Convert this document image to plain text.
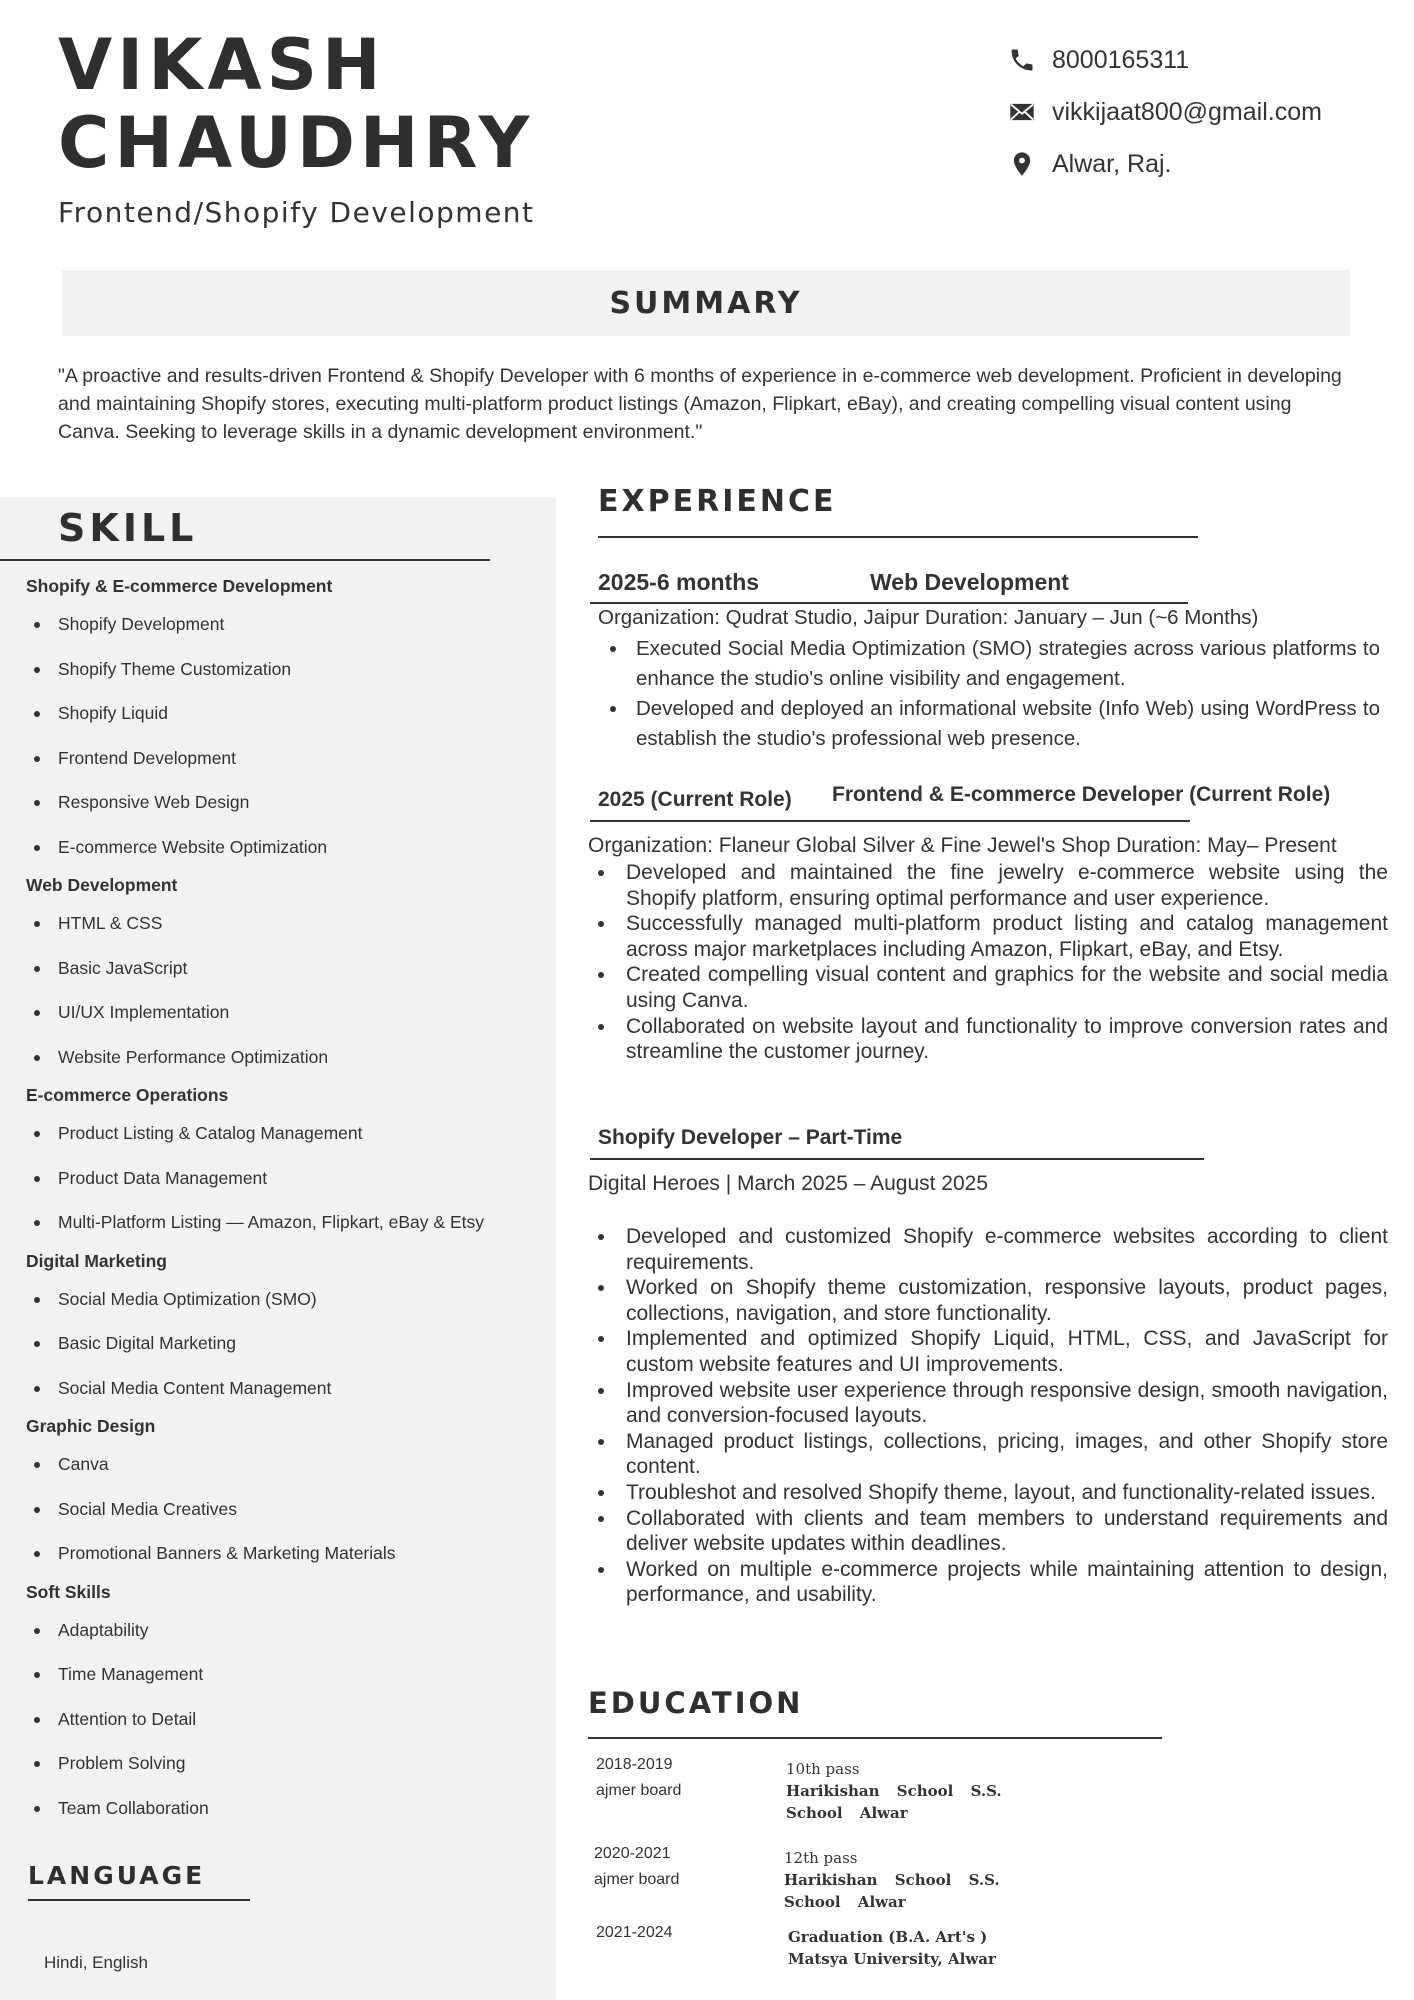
VIKASH CHAUDHRY
Frontend/Shopify Development
8000165311
vikkijaat800@gmail.com
Alwar, Raj.
SUMMARY
"A proactive and results-driven Frontend & Shopify Developer with 6 months of experience in e-commerce web development. Proficient in developing and maintaining Shopify stores, executing multi-platform product listings (Amazon, Flipkart, eBay), and creating compelling visual content using Canva. Seeking to leverage skills in a dynamic development environment."
SKILL
Shopify & E-commerce Development
Shopify Development
Shopify Theme Customization
Shopify Liquid
Frontend Development
Responsive Web Design
E-commerce Website Optimization
Web Development
HTML & CSS
Basic JavaScript
UI/UX Implementation
Website Performance Optimization
E-commerce Operations
Product Listing & Catalog Management
Product Data Management
Multi-Platform Listing — Amazon, Flipkart, eBay & Etsy
Digital Marketing
Social Media Optimization (SMO)
Basic Digital Marketing
Social Media Content Management
Graphic Design
Canva
Social Media Creatives
Promotional Banners & Marketing Materials
Soft Skills
Adaptability
Time Management
Attention to Detail
Problem Solving
Team Collaboration
LANGUAGE
Hindi, English
EXPERIENCE
2025-6 months	Web Development
Organization: Qudrat Studio, Jaipur Duration: January – Jun (~6 Months)
Executed Social Media Optimization (SMO) strategies across various platforms to enhance the studio's online visibility and engagement.
Developed and deployed an informational website (Info Web) using WordPress to establish the studio's professional web presence.
2025 (Current Role) Frontend & E-commerce Developer (Current Role)
Organization: Flaneur Global Silver & Fine Jewel's Shop Duration: May– Present
Developed and maintained the fine jewelry e-commerce website using the Shopify platform, ensuring optimal performance and user experience.
Successfully managed multi-platform product listing and catalog management across major marketplaces including Amazon, Flipkart, eBay, and Etsy.
Created compelling visual content and graphics for the website and social media using Canva.
Collaborated on website layout and functionality to improve conversion rates and streamline the customer journey.
Shopify Developer – Part-Time
Digital Heroes | March 2025 – August 2025
Developed and customized Shopify e-commerce websites according to client requirements.
Worked on Shopify theme customization, responsive layouts, product pages, collections, navigation, and store functionality.
Implemented and optimized Shopify Liquid, HTML, CSS, and JavaScript for custom website features and UI improvements.
Improved website user experience through responsive design, smooth navigation, and conversion-focused layouts.
Managed product listings, collections, pricing, images, and other Shopify store content.
Troubleshot and resolved Shopify theme, layout, and functionality-related issues.
Collaborated with clients and team members to understand requirements and deliver website updates within deadlines.
Worked on multiple e-commerce projects while maintaining attention to design, performance, and usability.
EDUCATION
2018-2019
ajmer board
10th pass
Harikishan School S.S. School Alwar
2020-2021
ajmer board
12th pass
Harikishan School S.S. School Alwar
2021-2024	Graduation (B.A. Art's )
Matsya University, Alwar
